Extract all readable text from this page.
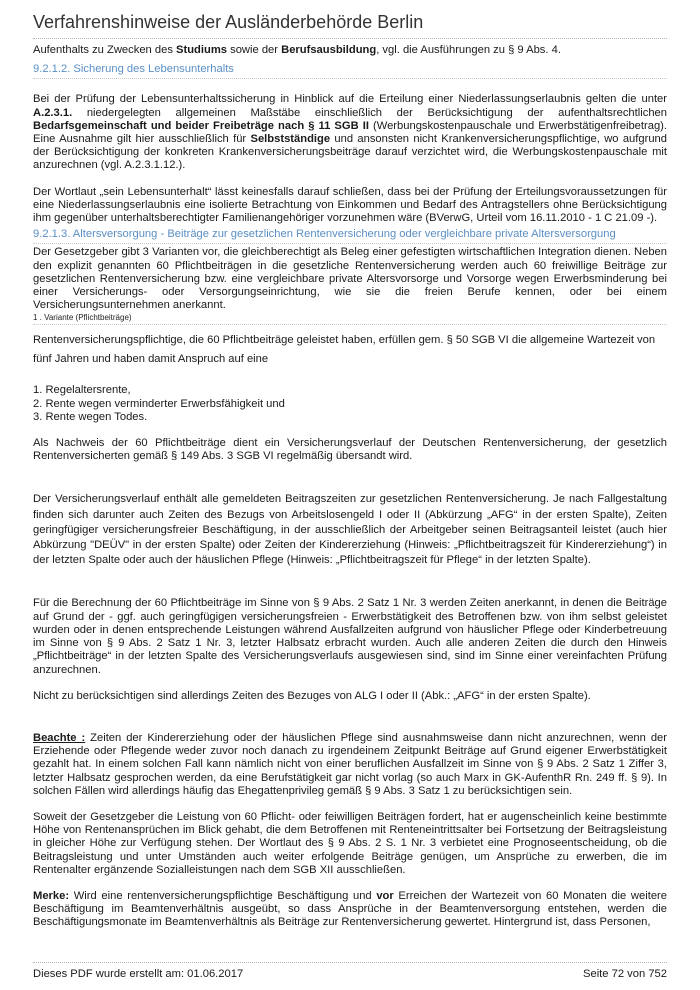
Verfahrenshinweise der Ausländerbehörde Berlin

Aufenthalts zu Zwecken des Studiums sowie der Berufsausbildung, vgl. die Ausführungen zu § 9 Abs. 4.

9.2.1.2. Sicherung des Lebensunterhalts

Bei der Prüfung der Lebensunterhaltssicherung in Hinblick auf die Erteilung einer Niederlassungserlaubnis gelten die unter A.2.3.1. niedergelegten allgemeinen Maßstäbe einschließlich der Berücksichtigung der aufenthaltsrechtlichen Bedarfsgemeinschaft und beider Freibeträge nach § 11 SGB II (Werbungskostenpauschale und Erwerbstätigenfreibetrag). Eine Ausnahme gilt hier ausschließlich für Selbstständige und ansonsten nicht Krankenversicherungspflichtige, wo aufgrund der Berücksichtigung der konkreten Krankenversicherungsbeiträge darauf verzichtet wird, die Werbungskostenpauschale mit anzurechnen (vgl. A.2.3.1.12.).

Der Wortlaut „sein Lebensunterhalt“ lässt keinesfalls darauf schließen, dass bei der Prüfung der Erteilungsvoraussetzungen für eine Niederlassungserlaubnis eine isolierte Betrachtung von Einkommen und Bedarf des Antragstellers ohne Berücksichtigung ihm gegenüber unterhaltsberechtigter Familienangehöriger vorzunehmen wäre (BVerwG, Urteil vom 16.11.2010 - 1 C 21.09 -).

9.2.1.3. Altersversorgung - Beiträge zur gesetzlichen Rentenversicherung oder vergleichbare private Altersversorgung

Der Gesetzgeber gibt 3 Varianten vor, die gleichberechtigt als Beleg einer gefestigten wirtschaftlichen Integration dienen. Neben den explizit genannten 60 Pflichtbeiträgen in die gesetzliche Rentenversicherung werden auch 60 freiwillige Beiträge zur gesetzlichen Rentenversicherung bzw. eine vergleichbare private Altersvorsorge und Vorsorge wegen Erwerbsminderung bei einer Versicherungs- oder Versorgungseinrichtung, wie sie die freien Berufe kennen, oder bei einem Versicherungsunternehmen anerkannt.

1 . Variante (Pflichtbeiträge)

Rentenversicherungspflichtige, die 60 Pflichtbeiträge geleistet haben, erfüllen gem. § 50 SGB VI die allgemeine Wartezeit von fünf Jahren und haben damit Anspruch auf eine

1. Regelaltersrente,
2. Rente wegen verminderter Erwerbsfähigkeit und
3. Rente wegen Todes.

Als Nachweis der 60 Pflichtbeiträge dient ein Versicherungsverlauf der Deutschen Rentenversicherung, der gesetzlich Rentenversicherten gemäß § 149 Abs. 3 SGB VI regelmäßig übersandt wird.

Der Versicherungsverlauf enthält alle gemeldeten Beitragszeiten zur gesetzlichen Rentenversicherung. Je nach Fallgestaltung finden sich darunter auch Zeiten des Bezugs von Arbeitslosengeld I oder II (Abkürzung „AFG“ in der ersten Spalte), Zeiten geringfügiger versicherungsfreier Beschäftigung, in der ausschließlich der Arbeitgeber seinen Beitragsanteil leistet (auch hier Abkürzung "DEÜV" in der ersten Spalte) oder Zeiten der Kindererziehung (Hinweis: „Pflichtbeitragszeit für Kindererziehung“) in der letzten Spalte oder auch der häuslichen Pflege (Hinweis: „Pflichtbeitragszeit für Pflege“ in der letzten Spalte).

Für die Berechnung der 60 Pflichtbeiträge im Sinne von § 9 Abs. 2 Satz 1 Nr. 3 werden Zeiten anerkannt, in denen die Beiträge auf Grund der - ggf. auch geringfügigen versicherungsfreien - Erwerbstätigkeit des Betroffenen bzw. von ihm selbst geleistet wurden oder in denen entsprechende Leistungen während Ausfallzeiten aufgrund von häuslicher Pflege oder Kinderbetreuung im Sinne von § 9 Abs. 2 Satz 1 Nr. 3, letzter Halbsatz erbracht wurden. Auch alle anderen Zeiten die durch den Hinweis „Pflichtbeiträge“ in der letzten Spalte des Versicherungsverlaufs ausgewiesen sind, sind im Sinne einer vereinfachten Prüfung anzurechnen.

Nicht zu berücksichtigen sind allerdings Zeiten des Bezuges von ALG I oder II (Abk.: „AFG“ in der ersten Spalte).

Beachte : Zeiten der Kindererziehung oder der häuslichen Pflege sind ausnahmsweise dann nicht anzurechnen, wenn der Erziehende oder Pflegende weder zuvor noch danach zu irgendeinem Zeitpunkt Beiträge auf Grund eigener Erwerbstätigkeit gezahlt hat. In einem solchen Fall kann nämlich nicht von einer beruflichen Ausfallzeit im Sinne von § 9 Abs. 2 Satz 1 Ziffer 3, letzter Halbsatz gesprochen werden, da eine Berufstätigkeit gar nicht vorlag (so auch Marx in GK-AufenthR Rn. 249 ff. § 9). In solchen Fällen wird allerdings häufig das Ehegattenprivileg gemäß § 9 Abs. 3 Satz 1 zu berücksichtigen sein.

Soweit der Gesetzgeber die Leistung von 60 Pflicht- oder feiwilligen Beiträgen fordert, hat er augenscheinlich keine bestimmte Höhe von Rentenansprüchen im Blick gehabt, die dem Betroffenen mit Renteneintrittsalter bei Fortsetzung der Beitragsleistung in gleicher Höhe zur Verfügung stehen. Der Wortlaut des § 9 Abs. 2 S. 1 Nr. 3 verbietet eine Prognoseentscheidung, ob die Beitragsleistung und unter Umständen auch weiter erfolgende Beiträge genügen, um Ansprüche zu erwerben, die im Rentenalter ergänzende Sozialleistungen nach dem SGB XII ausschließen.

Merke: Wird eine rentenversicherungspflichtige Beschäftigung und vor Erreichen der Wartezeit von 60 Monaten die weitere Beschäftigung im Beamtenverhältnis ausgeübt, so dass Ansprüche in der Beamtenversorgung entstehen, werden die Beschäftigungsmonate im Beamtenverhältnis als Beiträge zur Rentenversicherung gewertet. Hintergrund ist, dass Personen,

Dieses PDF wurde erstellt am: 01.06.2017	Seite 72 von 752
